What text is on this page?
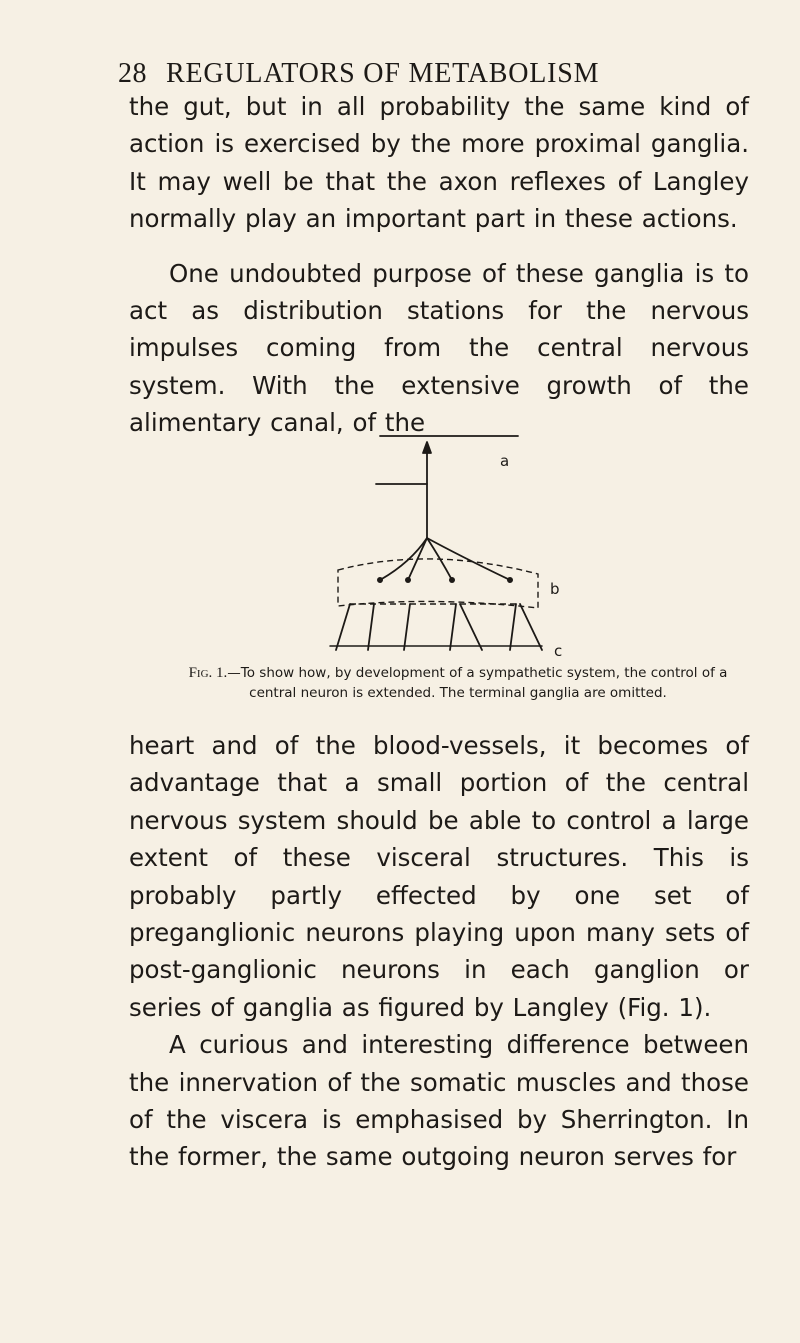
28 REGULATORS OF METABOLISM

the gut, but in all probability the same kind of action is exercised by the more proximal ganglia. It may well be that the axon reflexes of Langley normally play an important part in these actions.

One undoubted purpose of these ganglia is to act as distribution stations for the nervous impulses coming from the central nervous system. With the extensive growth of the alimentary canal, of the

a
b
c
Fig. 1.—To show how, by development of a sympathetic system, the control of a central neuron is extended. The terminal ganglia are omitted.

heart and of the blood-vessels, it becomes of advantage that a small portion of the central nervous system should be able to control a large extent of these visceral structures. This is probably partly effected by one set of preganglionic neurons playing upon many sets of post-ganglionic neurons in each ganglion or series of ganglia as figured by Langley (Fig. 1).

A curious and interesting difference between the innervation of the somatic muscles and those of the viscera is emphasised by Sherrington. In the former, the same outgoing neuron serves for
